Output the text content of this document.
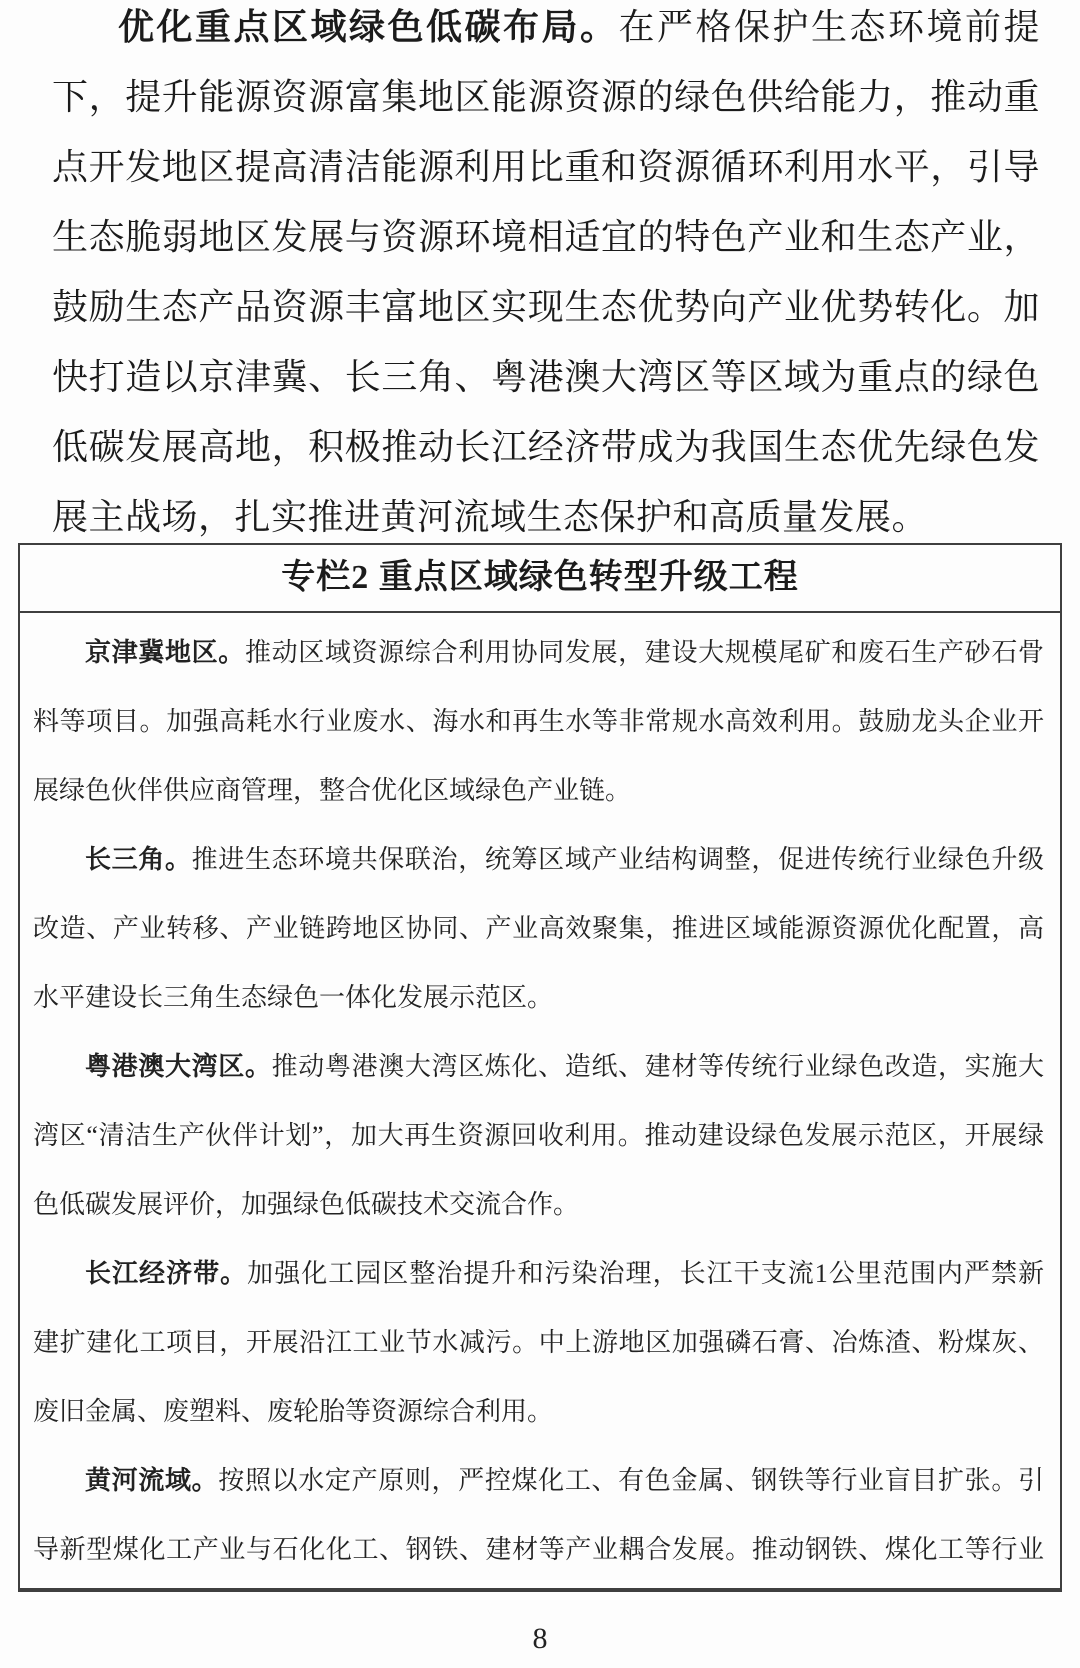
优化重点区域绿色低碳布局。在严格保护生态环境前提
下，提升能源资源富集地区能源资源的绿色供给能力，推动重
点开发地区提高清洁能源利用比重和资源循环利用水平，引导
生态脆弱地区发展与资源环境相适宜的特色产业和生态产业，
鼓励生态产品资源丰富地区实现生态优势向产业优势转化。加
快打造以京津冀、长三角、粤港澳大湾区等区域为重点的绿色
低碳发展高地，积极推动长江经济带成为我国生态优先绿色发
展主战场，扎实推进黄河流域生态保护和高质量发展。
专栏2 重点区域绿色转型升级工程
京津冀地区。推动区域资源综合利用协同发展，建设大规模尾矿和废石生产砂石骨
料等项目。加强高耗水行业废水、海水和再生水等非常规水高效利用。鼓励龙头企业开
展绿色伙伴供应商管理，整合优化区域绿色产业链。
长三角。推进生态环境共保联治，统筹区域产业结构调整，促进传统行业绿色升级
改造、产业转移、产业链跨地区协同、产业高效聚集，推进区域能源资源优化配置，高
水平建设长三角生态绿色一体化发展示范区。
粤港澳大湾区。推动粤港澳大湾区炼化、造纸、建材等传统行业绿色改造，实施大
湾区“清洁生产伙伴计划”，加大再生资源回收利用。推动建设绿色发展示范区，开展绿
色低碳发展评价，加强绿色低碳技术交流合作。
长江经济带。加强化工园区整治提升和污染治理，长江干支流1公里范围内严禁新
建扩建化工项目，开展沿江工业节水减污。中上游地区加强磷石膏、冶炼渣、粉煤灰、
废旧金属、废塑料、废轮胎等资源综合利用。
黄河流域。按照以水定产原则，严控煤化工、有色金属、钢铁等行业盲目扩张。引
导新型煤化工产业与石化化工、钢铁、建材等产业耦合发展。推动钢铁、煤化工等行业
8
